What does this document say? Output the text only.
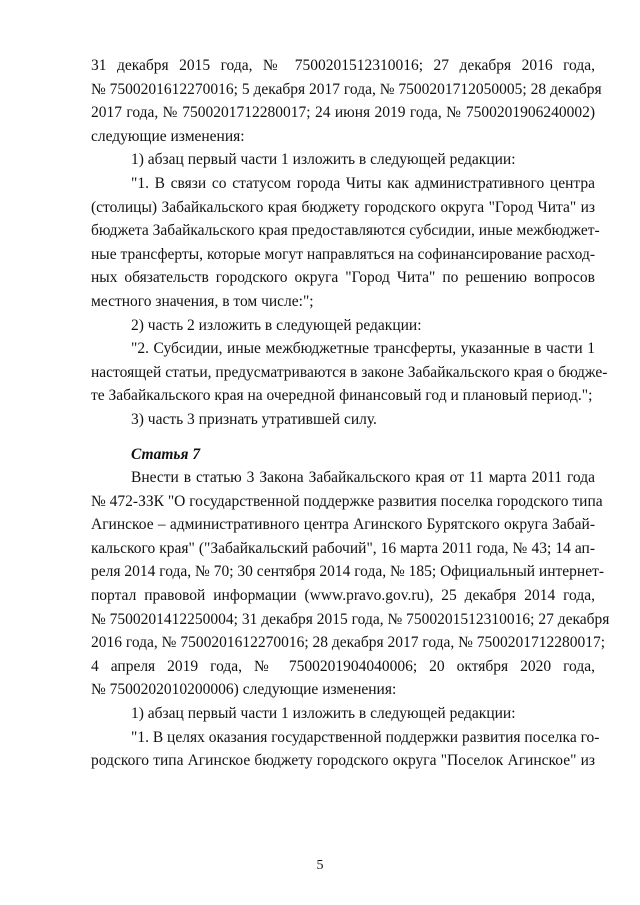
31 декабря 2015 года, № 7500201512310016; 27 декабря 2016 года,
№ 7500201612270016; 5 декабря 2017 года, № 7500201712050005; 28 декабря
2017 года, № 7500201712280017; 24 июня 2019 года, № 7500201906240002)
следующие изменения:
1) абзац первый части 1 изложить в следующей редакции:
"1. В связи со статусом города Читы как административного центра
(столицы) Забайкальского края бюджету городского округа "Город Чита" из
бюджета Забайкальского края предоставляются субсидии, иные межбюджет-
ные трансферты, которые могут направляться на софинансирование расход-
ных обязательств городского округа "Город Чита" по решению вопросов
местного значения, в том числе:";
2) часть 2 изложить в следующей редакции:
"2. Субсидии, иные межбюджетные трансферты, указанные в части 1
настоящей статьи, предусматриваются в законе Забайкальского края о бюдже-
те Забайкальского края на очередной финансовый год и плановый период.";
3) часть 3 признать утратившей силу.
Статья 7
Внести в статью 3 Закона Забайкальского края от 11 марта 2011 года
№ 472-ЗЗК "О государственной поддержке развития поселка городского типа
Агинское – административного центра Агинского Бурятского округа Забай-
кальского края" ("Забайкальский рабочий", 16 марта 2011 года, № 43; 14 ап-
реля 2014 года, № 70; 30 сентября 2014 года, № 185; Официальный интернет-
портал правовой информации (www.pravo.gov.ru), 25 декабря 2014 года,
№ 7500201412250004; 31 декабря 2015 года, № 7500201512310016; 27 декабря
2016 года, № 7500201612270016; 28 декабря 2017 года, № 7500201712280017;
4 апреля 2019 года, № 7500201904040006; 20 октября 2020 года,
№ 7500202010200006) следующие изменения:
1) абзац первый части 1 изложить в следующей редакции:
"1. В целях оказания государственной поддержки развития поселка го-
родского типа Агинское бюджету городского округа "Поселок Агинское" из
5
